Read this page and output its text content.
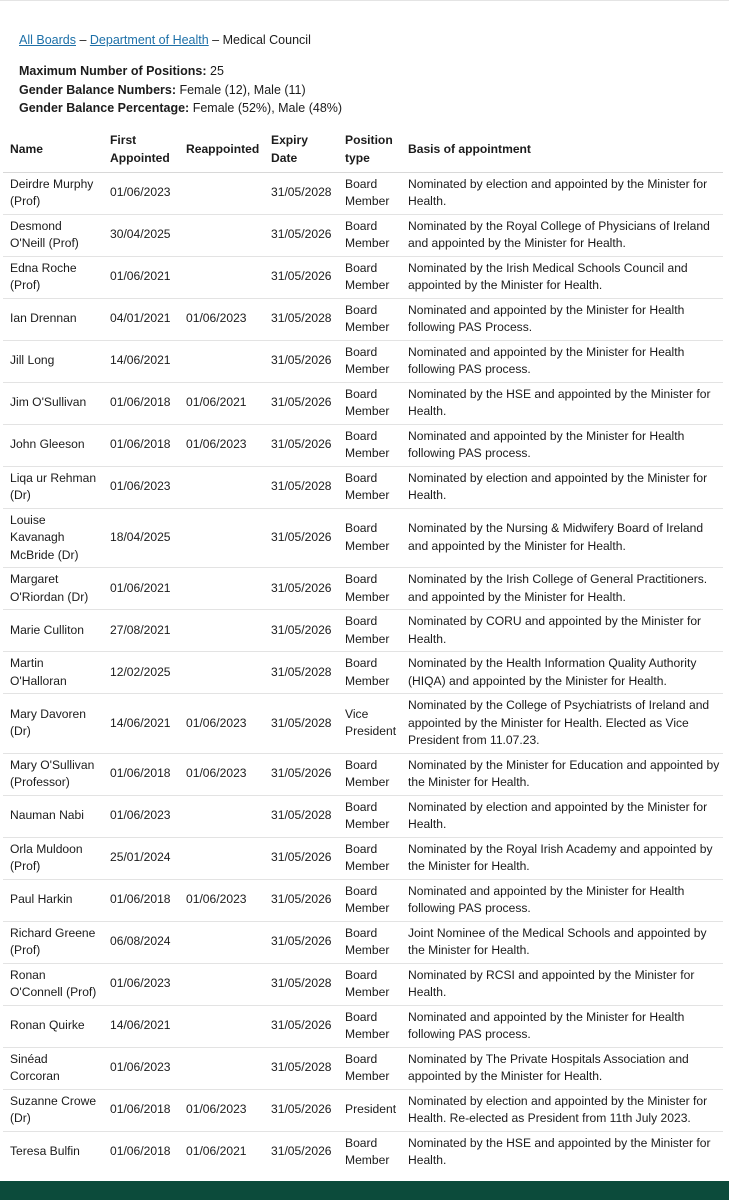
All Boards – Department of Health – Medical Council
Maximum Number of Positions: 25
Gender Balance Numbers: Female (12), Male (11)
Gender Balance Percentage: Female (52%), Male (48%)
Name	First Appointed	Reappointed	Expiry Date	Position type	Basis of appointment
Deirdre Murphy (Prof)	01/06/2023		31/05/2028	Board Member	Nominated by election and appointed by the Minister for Health.
Desmond O'Neill (Prof)	30/04/2025		31/05/2026	Board Member	Nominated by the Royal College of Physicians of Ireland and appointed by the Minister for Health.
Edna Roche (Prof)	01/06/2021		31/05/2026	Board Member	Nominated by the Irish Medical Schools Council and appointed by the Minister for Health.
Ian Drennan	04/01/2021	01/06/2023	31/05/2028	Board Member	Nominated and appointed by the Minister for Health following PAS Process.
Jill Long	14/06/2021		31/05/2026	Board Member	Nominated and appointed by the Minister for Health following PAS process.
Jim O'Sullivan	01/06/2018	01/06/2021	31/05/2026	Board Member	Nominated by the HSE and appointed by the Minister for Health.
John Gleeson	01/06/2018	01/06/2023	31/05/2026	Board Member	Nominated and appointed by the Minister for Health following PAS process.
Liqa ur Rehman (Dr)	01/06/2023		31/05/2028	Board Member	Nominated by election and appointed by the Minister for Health.
Louise Kavanagh McBride (Dr)	18/04/2025		31/05/2026	Board Member	Nominated by the Nursing & Midwifery Board of Ireland and appointed by the Minister for Health.
Margaret O'Riordan (Dr)	01/06/2021		31/05/2026	Board Member	Nominated by the Irish College of General Practitioners. and appointed by the Minister for Health.
Marie Culliton	27/08/2021		31/05/2026	Board Member	Nominated by CORU and appointed by the Minister for Health.
Martin O'Halloran	12/02/2025		31/05/2028	Board Member	Nominated by the Health Information Quality Authority (HIQA) and appointed by the Minister for Health.
Mary Davoren (Dr)	14/06/2021	01/06/2023	31/05/2028	Vice President	Nominated by the College of Psychiatrists of Ireland and appointed by the Minister for Health. Elected as Vice President from 11.07.23.
Mary O'Sullivan (Professor)	01/06/2018	01/06/2023	31/05/2026	Board Member	Nominated by the Minister for Education and appointed by the Minister for Health.
Nauman Nabi	01/06/2023		31/05/2028	Board Member	Nominated by election and appointed by the Minister for Health.
Orla Muldoon (Prof)	25/01/2024		31/05/2026	Board Member	Nominated by the Royal Irish Academy and appointed by the Minister for Health.
Paul Harkin	01/06/2018	01/06/2023	31/05/2026	Board Member	Nominated and appointed by the Minister for Health following PAS process.
Richard Greene (Prof)	06/08/2024		31/05/2026	Board Member	Joint Nominee of the Medical Schools and appointed by the Minister for Health.
Ronan O'Connell (Prof)	01/06/2023		31/05/2028	Board Member	Nominated by RCSI and appointed by the Minister for Health.
Ronan Quirke	14/06/2021		31/05/2026	Board Member	Nominated and appointed by the Minister for Health following PAS process.
Sinéad Corcoran	01/06/2023		31/05/2028	Board Member	Nominated by The Private Hospitals Association and appointed by the Minister for Health.
Suzanne Crowe (Dr)	01/06/2018	01/06/2023	31/05/2026	President	Nominated by election and appointed by the Minister for Health. Re-elected as President from 11th July 2023.
Teresa Bulfin	01/06/2018	01/06/2021	31/05/2026	Board Member	Nominated by the HSE and appointed by the Minister for Health.
